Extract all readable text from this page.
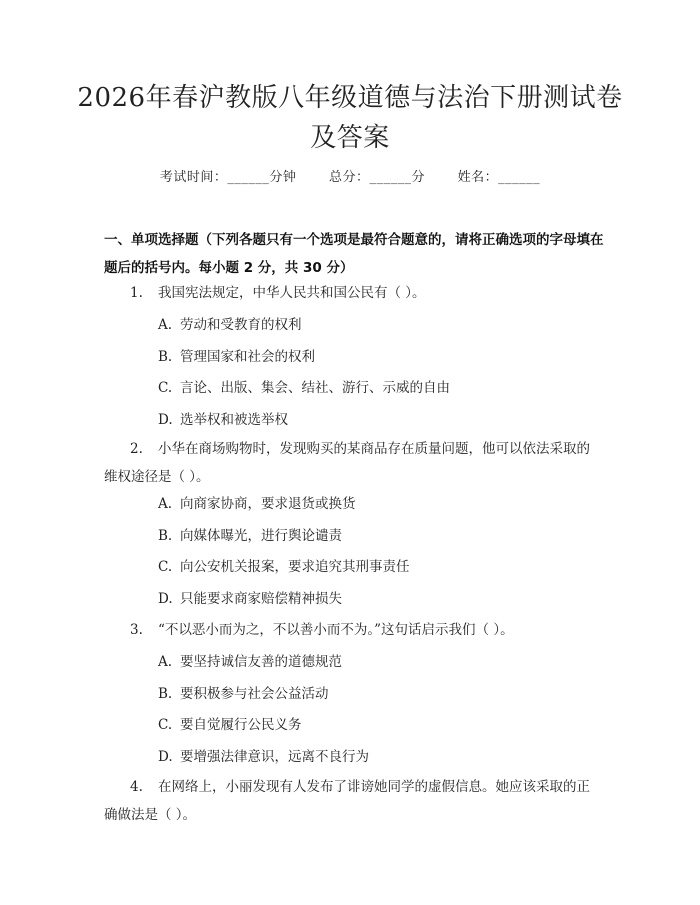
2026年春沪教版八年级道德与法治下册测试卷及答案
考试时间：______分钟	总分：______分	姓名：______
一、单项选择题（下列各题只有一个选项是最符合题意的，请将正确选项的字母填在题后的括号内。每小题 2 分，共 30 分）
1. 我国宪法规定，中华人民共和国公民有（ ）。
A. 劳动和受教育的权利
B. 管理国家和社会的权利
C. 言论、出版、集会、结社、游行、示威的自由
D. 选举权和被选举权
2. 小华在商场购物时，发现购买的某商品存在质量问题，他可以依法采取的维权途径是（ ）。
A. 向商家协商，要求退货或换货
B. 向媒体曝光，进行舆论谴责
C. 向公安机关报案，要求追究其刑事责任
D. 只能要求商家赔偿精神损失
3. “不以恶小而为之，不以善小而不为。”这句话启示我们（ ）。
A. 要坚持诚信友善的道德规范
B. 要积极参与社会公益活动
C. 要自觉履行公民义务
D. 要增强法律意识，远离不良行为
4. 在网络上，小丽发现有人发布了诽谤她同学的虚假信息。她应该采取的正确做法是（ ）。
